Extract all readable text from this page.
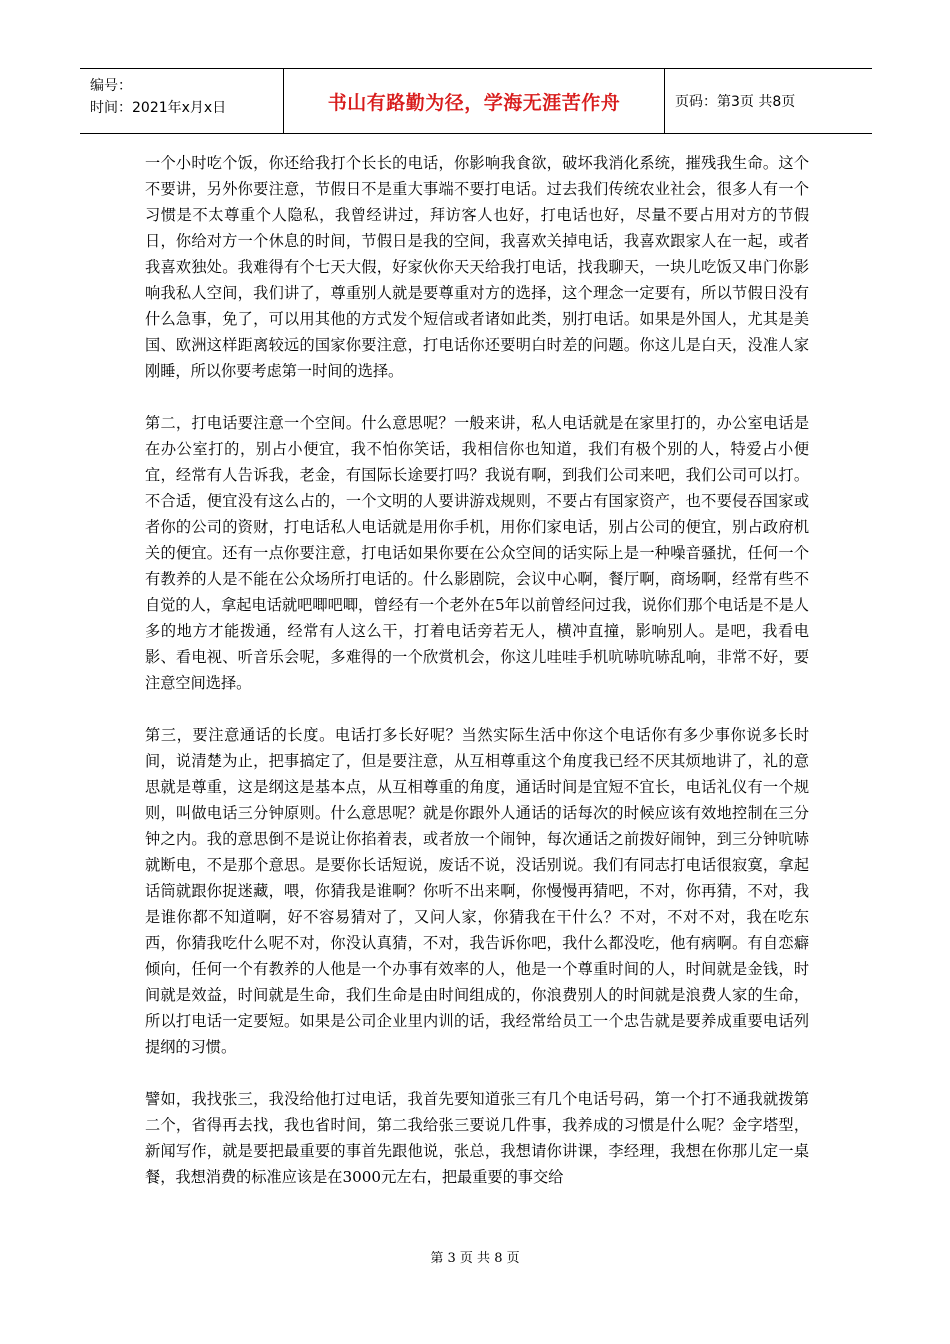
编号：
时间：2021年x月x日	书山有路勤为径，学海无涯苦作舟	页码：第3页 共8页

一个小时吃个饭，你还给我打个长长的电话，你影响我食欲，破坏我消化系统，摧残我生命。这个不要讲，另外你要注意，节假日不是重大事端不要打电话。过去我们传统农业社会，很多人有一个习惯是不太尊重个人隐私，我曾经讲过，拜访客人也好，打电话也好，尽量不要占用对方的节假日，你给对方一个休息的时间，节假日是我的空间，我喜欢关掉电话，我喜欢跟家人在一起，或者我喜欢独处。我难得有个七天大假，好家伙你天天给我打电话，找我聊天，一块儿吃饭又串门你影响我私人空间，我们讲了，尊重别人就是要尊重对方的选择，这个理念一定要有，所以节假日没有什么急事，免了，可以用其他的方式发个短信或者诸如此类，别打电话。如果是外国人，尤其是美国、欧洲这样距离较远的国家你要注意，打电话你还要明白时差的问题。你这儿是白天，没准人家刚睡，所以你要考虑第一时间的选择。

第二，打电话要注意一个空间。什么意思呢？一般来讲，私人电话就是在家里打的，办公室电话是在办公室打的，别占小便宜，我不怕你笑话，我相信你也知道，我们有极个别的人，特爱占小便宜，经常有人告诉我，老金，有国际长途要打吗？我说有啊，到我们公司来吧，我们公司可以打。不合适，便宜没有这么占的，一个文明的人要讲游戏规则，不要占有国家资产，也不要侵吞国家或者你的公司的资财，打电话私人电话就是用你手机，用你们家电话，别占公司的便宜，别占政府机关的便宜。还有一点你要注意，打电话如果你要在公众空间的话实际上是一种噪音骚扰，任何一个有教养的人是不能在公众场所打电话的。什么影剧院，会议中心啊，餐厅啊，商场啊，经常有些不自觉的人，拿起电话就吧唧吧唧，曾经有一个老外在5年以前曾经问过我，说你们那个电话是不是人多的地方才能拨通，经常有人这么干，打着电话旁若无人，横冲直撞，影响别人。是吧，我看电影、看电视、听音乐会呢，多难得的一个欣赏机会，你这儿哇哇手机吭哧吭哧乱响，非常不好，要注意空间选择。

第三，要注意通话的长度。电话打多长好呢？当然实际生活中你这个电话你有多少事你说多长时间，说清楚为止，把事搞定了，但是要注意，从互相尊重这个角度我已经不厌其烦地讲了，礼的意思就是尊重，这是纲这是基本点，从互相尊重的角度，通话时间是宜短不宜长，电话礼仪有一个规则，叫做电话三分钟原则。什么意思呢？就是你跟外人通话的话每次的时候应该有效地控制在三分钟之内。我的意思倒不是说让你掐着表，或者放一个闹钟，每次通话之前拨好闹钟，到三分钟吭哧就断电，不是那个意思。是要你长话短说，废话不说，没话别说。我们有同志打电话很寂寞，拿起话筒就跟你捉迷藏，喂，你猜我是谁啊？你听不出来啊，你慢慢再猜吧，不对，你再猜，不对，我是谁你都不知道啊，好不容易猜对了，又问人家，你猜我在干什么？不对，不对不对，我在吃东西，你猜我吃什么呢不对，你没认真猜，不对，我告诉你吧，我什么都没吃，他有病啊。有自恋癖倾向，任何一个有教养的人他是一个办事有效率的人，他是一个尊重时间的人，时间就是金钱，时间就是效益，时间就是生命，我们生命是由时间组成的，你浪费别人的时间就是浪费人家的生命，所以打电话一定要短。如果是公司企业里内训的话，我经常给员工一个忠告就是要养成重要电话列提纲的习惯。

譬如，我找张三，我没给他打过电话，我首先要知道张三有几个电话号码，第一个打不通我就拨第二个，省得再去找，我也省时间，第二我给张三要说几件事，我养成的习惯是什么呢？金字塔型，新闻写作，就是要把最重要的事首先跟他说，张总，我想请你讲课，李经理，我想在你那儿定一桌餐，我想消费的标准应该是在3000元左右，把最重要的事交给

第 3 页 共 8 页
